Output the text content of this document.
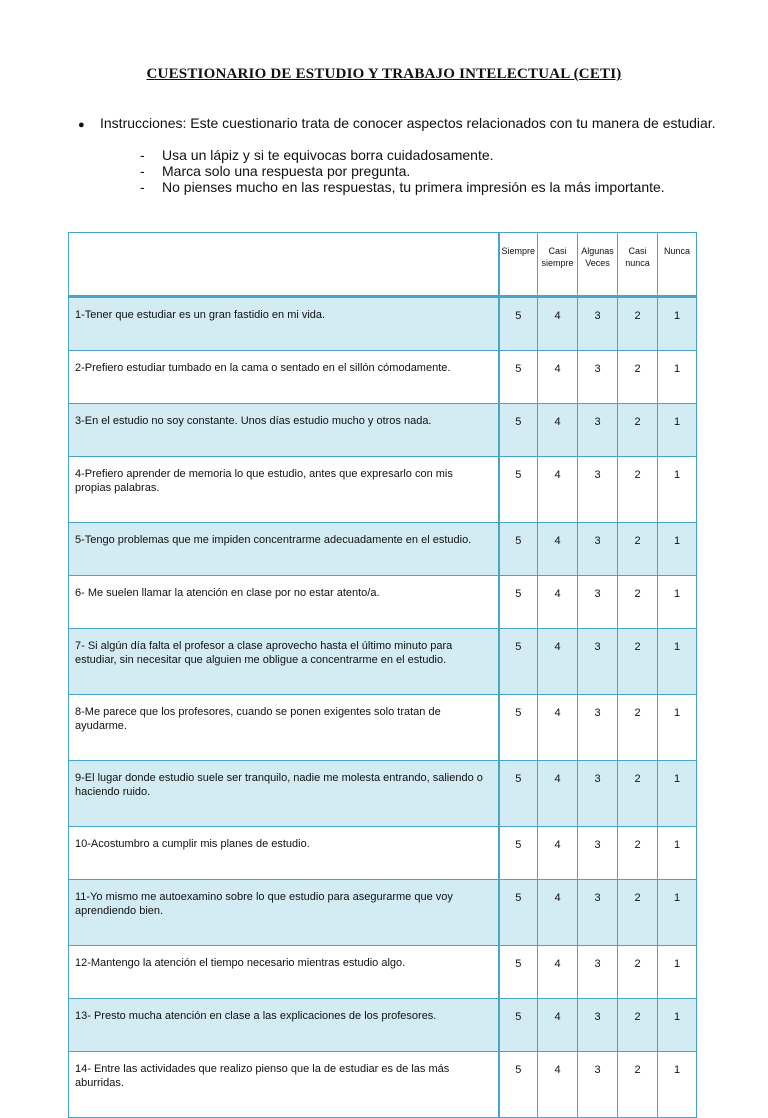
CUESTIONARIO DE ESTUDIO Y TRABAJO INTELECTUAL (CETI)
● Instrucciones: Este cuestionario trata de conocer aspectos relacionados con tu manera de estudiar.
- Usa un lápiz y si te equivocas borra cuidadosamente.
- Marca solo una respuesta por pregunta.
- No pienses mucho en las respuestas, tu primera impresión es la más importante.
	Siempre	Casi siempre	Algunas Veces	Casi nunca	Nunca
1-Tener que estudiar es un gran fastidio en mi vida.	5	4	3	2	1
2-Prefiero estudiar tumbado en la cama o sentado en el sillón cómodamente.	5	4	3	2	1
3-En el estudio no soy constante. Unos días estudio mucho y otros nada.	5	4	3	2	1
4-Prefiero aprender de memoria lo que estudio, antes que expresarlo con mis propias palabras.	5	4	3	2	1
5-Tengo problemas que me impiden concentrarme adecuadamente en el estudio.	5	4	3	2	1
6- Me suelen llamar la atención en clase por no estar atento/a.	5	4	3	2	1
7- Si algún día falta el profesor a clase aprovecho hasta el último minuto para estudiar, sin necesitar que alguien me obligue a concentrarme en el estudio.	5	4	3	2	1
8-Me parece que los profesores, cuando se ponen exigentes solo tratan de ayudarme.	5	4	3	2	1
9-El lugar donde estudio suele ser tranquilo, nadie me molesta entrando, saliendo o haciendo ruido.	5	4	3	2	1
10-Acostumbro a cumplir mis planes de estudio.	5	4	3	2	1
11-Yo mismo me autoexamino sobre lo que estudio para asegurarme que voy aprendiendo bien.	5	4	3	2	1
12-Mantengo la atención el tiempo necesario mientras estudio algo.	5	4	3	2	1
13- Presto mucha atención en clase a las explicaciones de los profesores.	5	4	3	2	1
14- Entre las actividades que realizo pienso que la de estudiar es de las más aburridas.	5	4	3	2	1
